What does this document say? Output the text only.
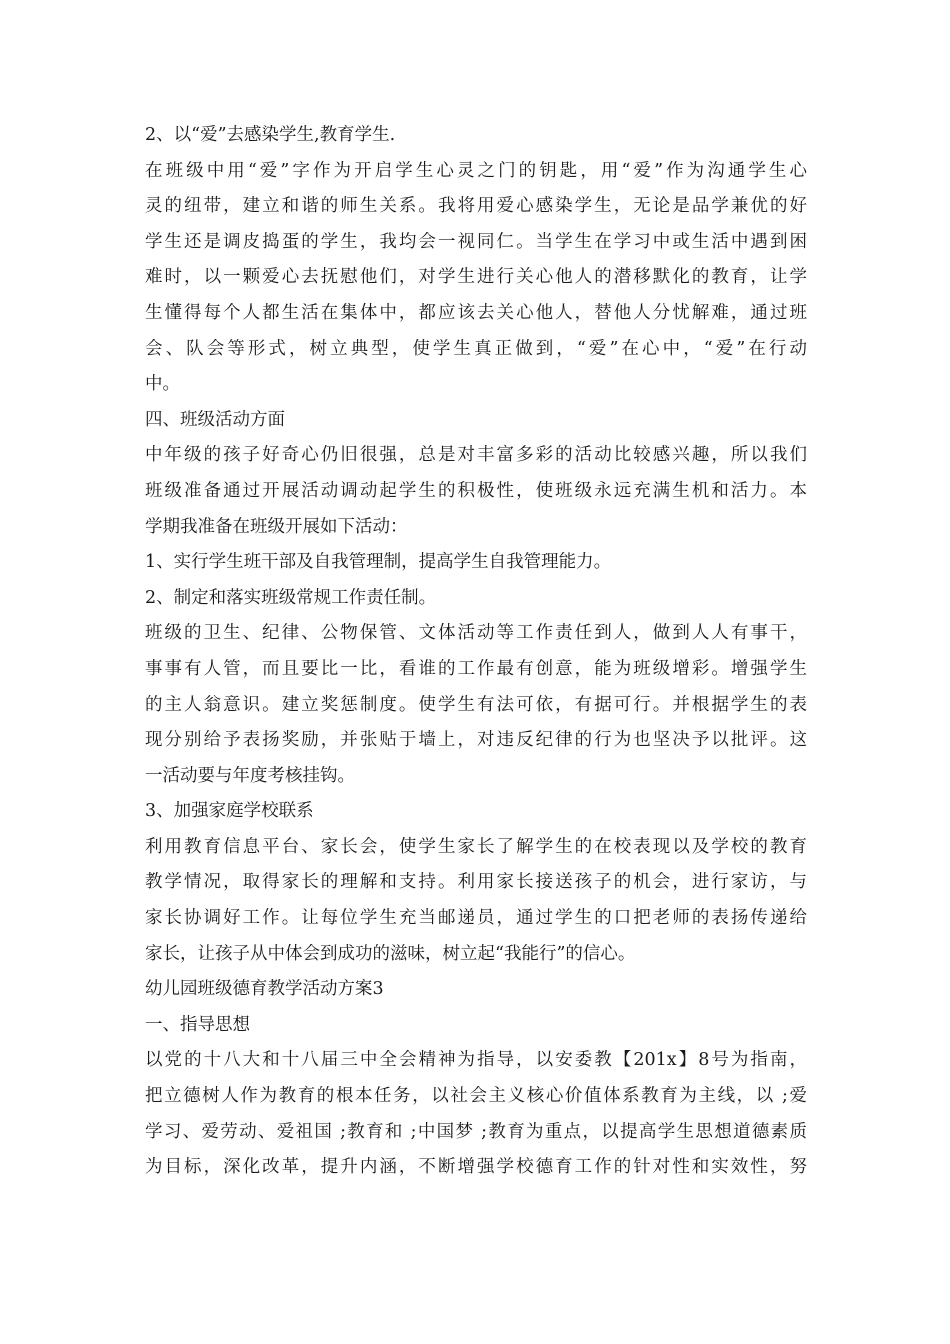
2、以“爱”去感染学生,教育学生.
在班级中用“爱”字作为开启学生心灵之门的钥匙，用“爱”作为沟通学生心
灵的纽带，建立和谐的师生关系。我将用爱心感染学生，无论是品学兼优的好
学生还是调皮捣蛋的学生，我均会一视同仁。当学生在学习中或生活中遇到困
难时，以一颗爱心去抚慰他们，对学生进行关心他人的潜移默化的教育，让学
生懂得每个人都生活在集体中，都应该去关心他人，替他人分忧解难，通过班
会、队会等形式，树立典型，使学生真正做到，“爱”在心中，“爱”在行动
中。
四、班级活动方面
中年级的孩子好奇心仍旧很强，总是对丰富多彩的活动比较感兴趣，所以我们
班级准备通过开展活动调动起学生的积极性，使班级永远充满生机和活力。本
学期我准备在班级开展如下活动：
1、实行学生班干部及自我管理制，提高学生自我管理能力。
2、制定和落实班级常规工作责任制。
班级的卫生、纪律、公物保管、文体活动等工作责任到人，做到人人有事干，
事事有人管，而且要比一比，看谁的工作最有创意，能为班级增彩。增强学生
的主人翁意识。建立奖惩制度。使学生有法可依，有据可行。并根据学生的表
现分别给予表扬奖励，并张贴于墙上，对违反纪律的行为也坚决予以批评。这
一活动要与年度考核挂钩。
3、加强家庭学校联系
利用教育信息平台、家长会，使学生家长了解学生的在校表现以及学校的教育
教学情况，取得家长的理解和支持。利用家长接送孩子的机会，进行家访，与
家长协调好工作。让每位学生充当邮递员，通过学生的口把老师的表扬传递给
家长，让孩子从中体会到成功的滋味，树立起“我能行”的信心。
幼儿园班级德育教学活动方案3
一、指导思想
以党的十八大和十八届三中全会精神为指导，以安委教【201x】8号为指南，
把立德树人作为教育的根本任务，以社会主义核心价值体系教育为主线，以 ;爱
学习、爱劳动、爱祖国 ;教育和 ;中国梦 ;教育为重点，以提高学生思想道德素质
为目标，深化改革，提升内涵，不断增强学校德育工作的针对性和实效性，努
